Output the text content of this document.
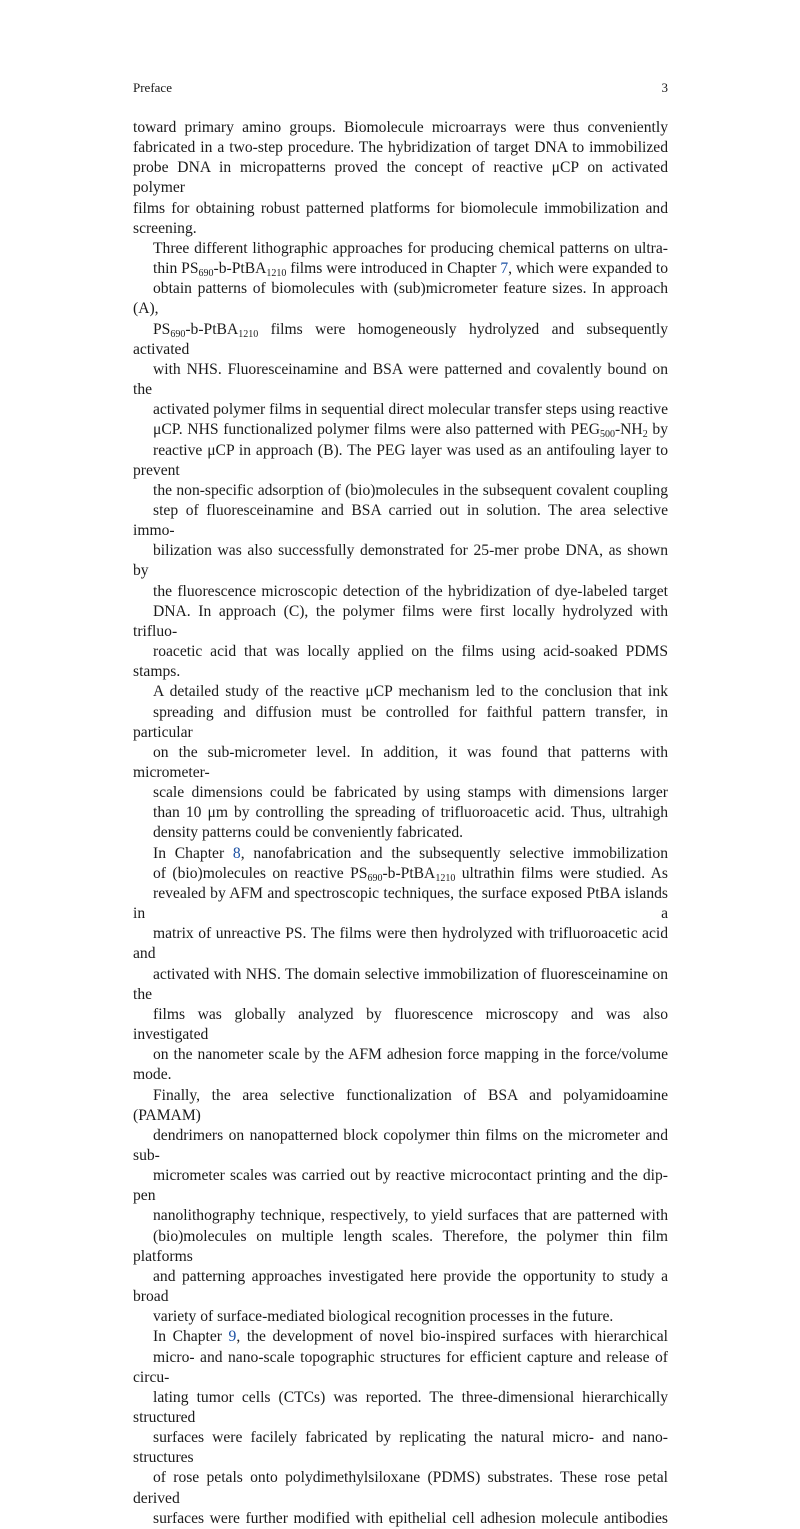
Preface	3

toward primary amino groups. Biomolecule microarrays were thus conveniently
fabricated in a two-step procedure. The hybridization of target DNA to immobilized
probe DNA in micropatterns proved the concept of reactive μCP on activated polymer
films for obtaining robust patterned platforms for biomolecule immobilization and
screening.

Three different lithographic approaches for producing chemical patterns on ultra-
thin $PS_{690}-b-PtBA_{1210}$ films were introduced in Chapter 7, which were expanded to
obtain patterns of biomolecules with (sub)micrometer feature sizes. In approach (A),
$PS_{690}-b-PtBA_{1210}$ films were homogeneously hydrolyzed and subsequently activated
with NHS. Fluoresceinamine and BSA were patterned and covalently bound on the
activated polymer films in sequential direct molecular transfer steps using reactive
μCP. NHS functionalized polymer films were also patterned with $PEG_{500}-NH_2$ by
reactive μCP in approach (B). The PEG layer was used as an antifouling layer to prevent
the non-specific adsorption of (bio)molecules in the subsequent covalent coupling
step of fluoresceinamine and BSA carried out in solution. The area selective immo-
bilization was also successfully demonstrated for 25-mer probe DNA, as shown by
the fluorescence microscopic detection of the hybridization of dye-labeled target
DNA. In approach (C), the polymer films were first locally hydrolyzed with trifluo-
roacetic acid that was locally applied on the films using acid-soaked PDMS stamps.
A detailed study of the reactive μCP mechanism led to the conclusion that ink
spreading and diffusion must be controlled for faithful pattern transfer, in particular
on the sub-micrometer level. In addition, it was found that patterns with micrometer-
scale dimensions could be fabricated by using stamps with dimensions larger
than 10 μm by controlling the spreading of trifluoroacetic acid. Thus, ultrahigh
density patterns could be conveniently fabricated.

In Chapter 8, nanofabrication and the subsequently selective immobilization
of (bio)molecules on reactive $PS_{690}-b-PtBA_{1210}$ ultrathin films were studied. As
revealed by AFM and spectroscopic techniques, the surface exposed PtBA islands in a
matrix of unreactive PS. The films were then hydrolyzed with trifluoroacetic acid and
activated with NHS. The domain selective immobilization of fluoresceinamine on the
films was globally analyzed by fluorescence microscopy and was also investigated
on the nanometer scale by the AFM adhesion force mapping in the force/volume mode.
Finally, the area selective functionalization of BSA and polyamidoamine (PAMAM)
dendrimers on nanopatterned block copolymer thin films on the micrometer and sub-
micrometer scales was carried out by reactive microcontact printing and the dip-pen
nanolithography technique, respectively, to yield surfaces that are patterned with
(bio)molecules on multiple length scales. Therefore, the polymer thin film platforms
and patterning approaches investigated here provide the opportunity to study a broad
variety of surface-mediated biological recognition processes in the future.

In Chapter 9, the development of novel bio-inspired surfaces with hierarchical
micro- and nano-scale topographic structures for efficient capture and release of circu-
lating tumor cells (CTCs) was reported. The three-dimensional hierarchically structured
surfaces were facilely fabricated by replicating the natural micro- and nano-structures
of rose petals onto polydimethylsiloxane (PDMS) substrates. These rose petal derived
surfaces were further modified with epithelial cell adhesion molecule antibodies
